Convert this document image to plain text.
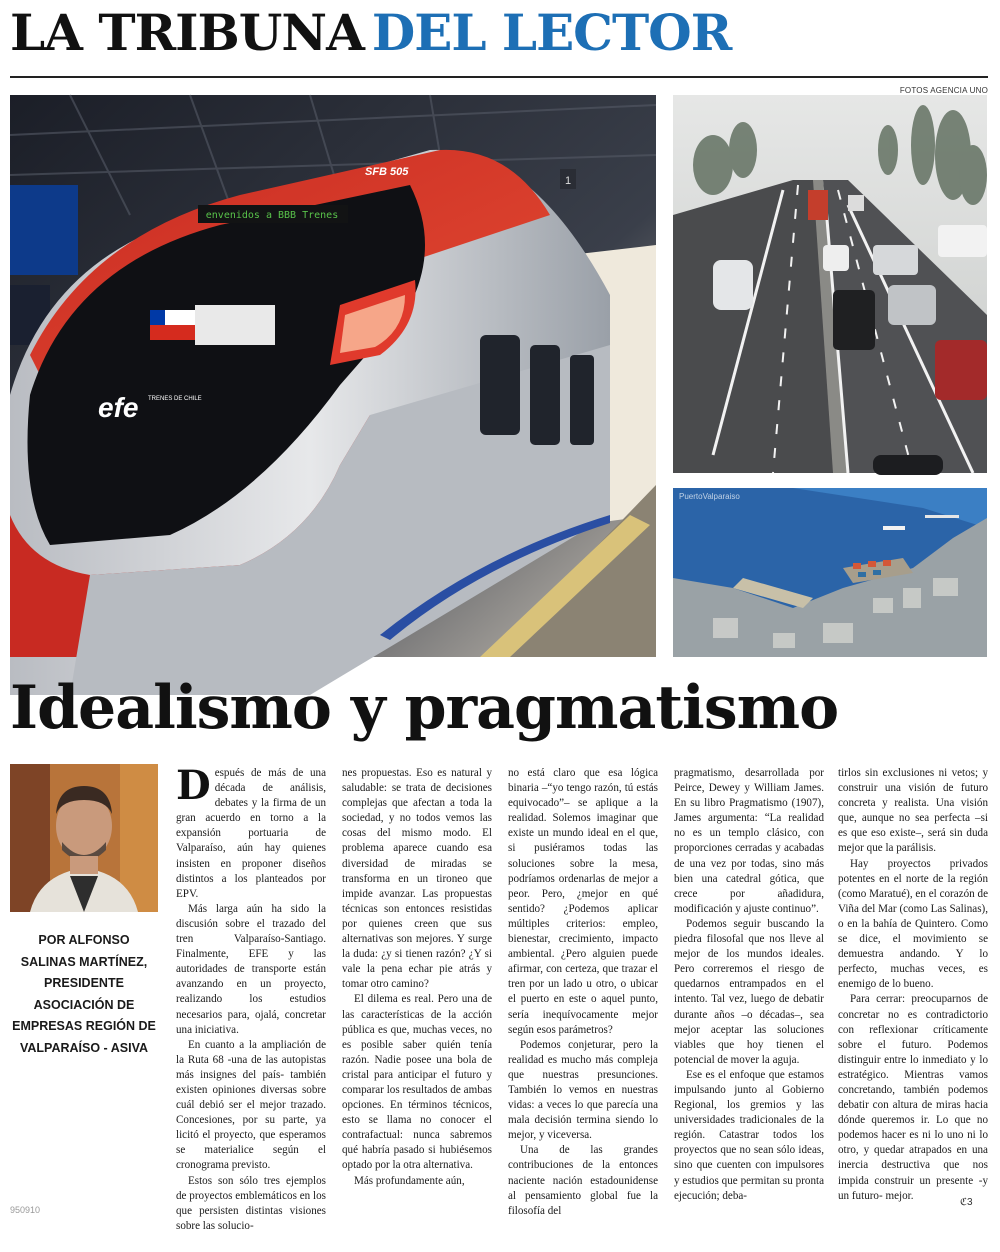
LA TRIBUNA DEL LECTOR
FOTOS AGENCIA UNO
1
envenidos a BBB Trenes
SFB 505
efe TRENES DE CHILE
PuertoValparaiso
Idealismo y pragmatismo
POR ALFONSO SALINAS MARTÍNEZ, PRESIDENTE ASOCIACIÓN DE EMPRESAS REGIÓN DE VALPARAÍSO - ASIVA

Después de más de una década de análisis, debates y la firma de un gran acuerdo en torno a la expansión portuaria de Valparaíso, aún hay quienes insisten en proponer diseños distintos a los planteados por EPV.

Más larga aún ha sido la discusión sobre el trazado del tren Valparaíso-Santiago. Finalmente, EFE y las autoridades de transporte están avanzando en un proyecto, realizando los estudios necesarios para, ojalá, concretar una iniciativa.

En cuanto a la ampliación de la Ruta 68 -una de las autopistas más insignes del país- también existen opiniones diversas sobre cuál debió ser el mejor trazado. Concesiones, por su parte, ya licitó el proyecto, que esperamos se materialice según el cronograma previsto.

Estos son sólo tres ejemplos de proyectos emblemáticos en los que persisten distintas visiones sobre las solucio-

nes propuestas. Eso es natural y saludable: se trata de decisiones complejas que afectan a toda la sociedad, y no todos vemos las cosas del mismo modo. El problema aparece cuando esa diversidad de miradas se transforma en un tironeo que impide avanzar. Las propuestas técnicas son entonces resistidas por quienes creen que sus alternativas son mejores. Y surge la duda: ¿y si tienen razón? ¿Y si vale la pena echar pie atrás y tomar otro camino?

El dilema es real. Pero una de las características de la acción pública es que, muchas veces, no es posible saber quién tenía razón. Nadie posee una bola de cristal para anticipar el futuro y comparar los resultados de ambas opciones. En términos técnicos, esto se llama no conocer el contrafactual: nunca sabremos qué habría pasado si hubiésemos optado por la otra alternativa.

Más profundamente aún,

no está claro que esa lógica binaria –“yo tengo razón, tú estás equivocado”– se aplique a la realidad. Solemos imaginar que existe un mundo ideal en el que, si pusiéramos todas las soluciones sobre la mesa, podríamos ordenarlas de mejor a peor. Pero, ¿mejor en qué sentido? ¿Podemos aplicar múltiples criterios: empleo, bienestar, crecimiento, impacto ambiental. ¿Pero alguien puede afirmar, con certeza, que trazar el tren por un lado u otro, o ubicar el puerto en este o aquel punto, sería inequívocamente mejor según esos parámetros?

Podemos conjeturar, pero la realidad es mucho más compleja que nuestras presunciones. También lo vemos en nuestras vidas: a veces lo que parecía una mala decisión termina siendo lo mejor, y viceversa.

Una de las grandes contribuciones de la entonces naciente nación estadounidense al pensamiento global fue la filosofía del

pragmatismo, desarrollada por Peirce, Dewey y William James. En su libro Pragmatismo (1907), James argumenta: “La realidad no es un templo clásico, con proporciones cerradas y acabadas de una vez por todas, sino más bien una catedral gótica, que crece por añadidura, modificación y ajuste continuo”.

Podemos seguir buscando la piedra filosofal que nos lleve al mejor de los mundos ideales. Pero correremos el riesgo de quedarnos entrampados en el intento. Tal vez, luego de debatir durante años –o décadas–, sea mejor aceptar las soluciones viables que hoy tienen el potencial de mover la aguja.

Ese es el enfoque que estamos impulsando junto al Gobierno Regional, los gremios y las universidades tradicionales de la región. Catastrar todos los proyectos que no sean sólo ideas, sino que cuenten con impulsores y estudios que permitan su pronta ejecución; deba-

tirlos sin exclusiones ni vetos; y construir una visión de futuro concreta y realista. Una visión que, aunque no sea perfecta –si es que eso existe–, será sin duda mejor que la parálisis.

Hay proyectos privados potentes en el norte de la región (como Maratué), en el corazón de Viña del Mar (como Las Salinas), o en la bahía de Quintero. Como se dice, el movimiento se demuestra andando. Y lo perfecto, muchas veces, es enemigo de lo bueno.

Para cerrar: preocuparnos de concretar no es contradictorio con reflexionar críticamente sobre el futuro. Podemos distinguir entre lo inmediato y lo estratégico. Mientras vamos concretando, también podemos debatir con altura de miras hacia dónde queremos ir. Lo que no podemos hacer es ni lo uno ni lo otro, y quedar atrapados en una inercia destructiva que nos impida construir un presente -y un futuro- mejor.

ℭ3
950910
